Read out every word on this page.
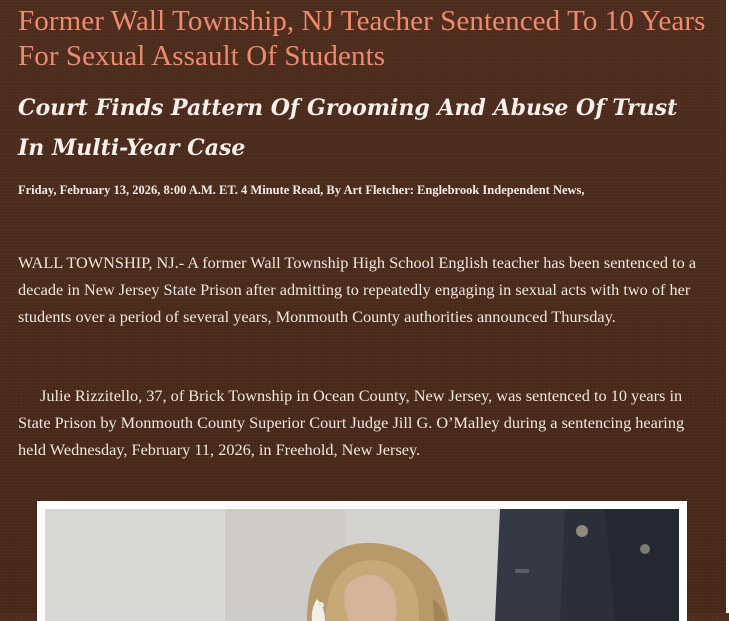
Former Wall Township, NJ Teacher Sentenced To 10 Years For Sexual Assault Of Students
Court Finds Pattern Of Grooming And Abuse Of Trust In Multi-Year Case

Friday, February 13, 2026, 8:00 A.M. ET. 4 Minute Read, By Art Fletcher: Englebrook Independent News,

WALL TOWNSHIP, NJ.- A former Wall Township High School English teacher has been sentenced to a decade in New Jersey State Prison after admitting to repeatedly engaging in sexual acts with two of her students over a period of several years, Monmouth County authorities announced Thursday.

Julie Rizzitello, 37, of Brick Township in Ocean County, New Jersey, was sentenced to 10 years in State Prison by Monmouth County Superior Court Judge Jill G. O’Malley during a sentencing hearing held Wednesday, February 11, 2026, in Freehold, New Jersey.
